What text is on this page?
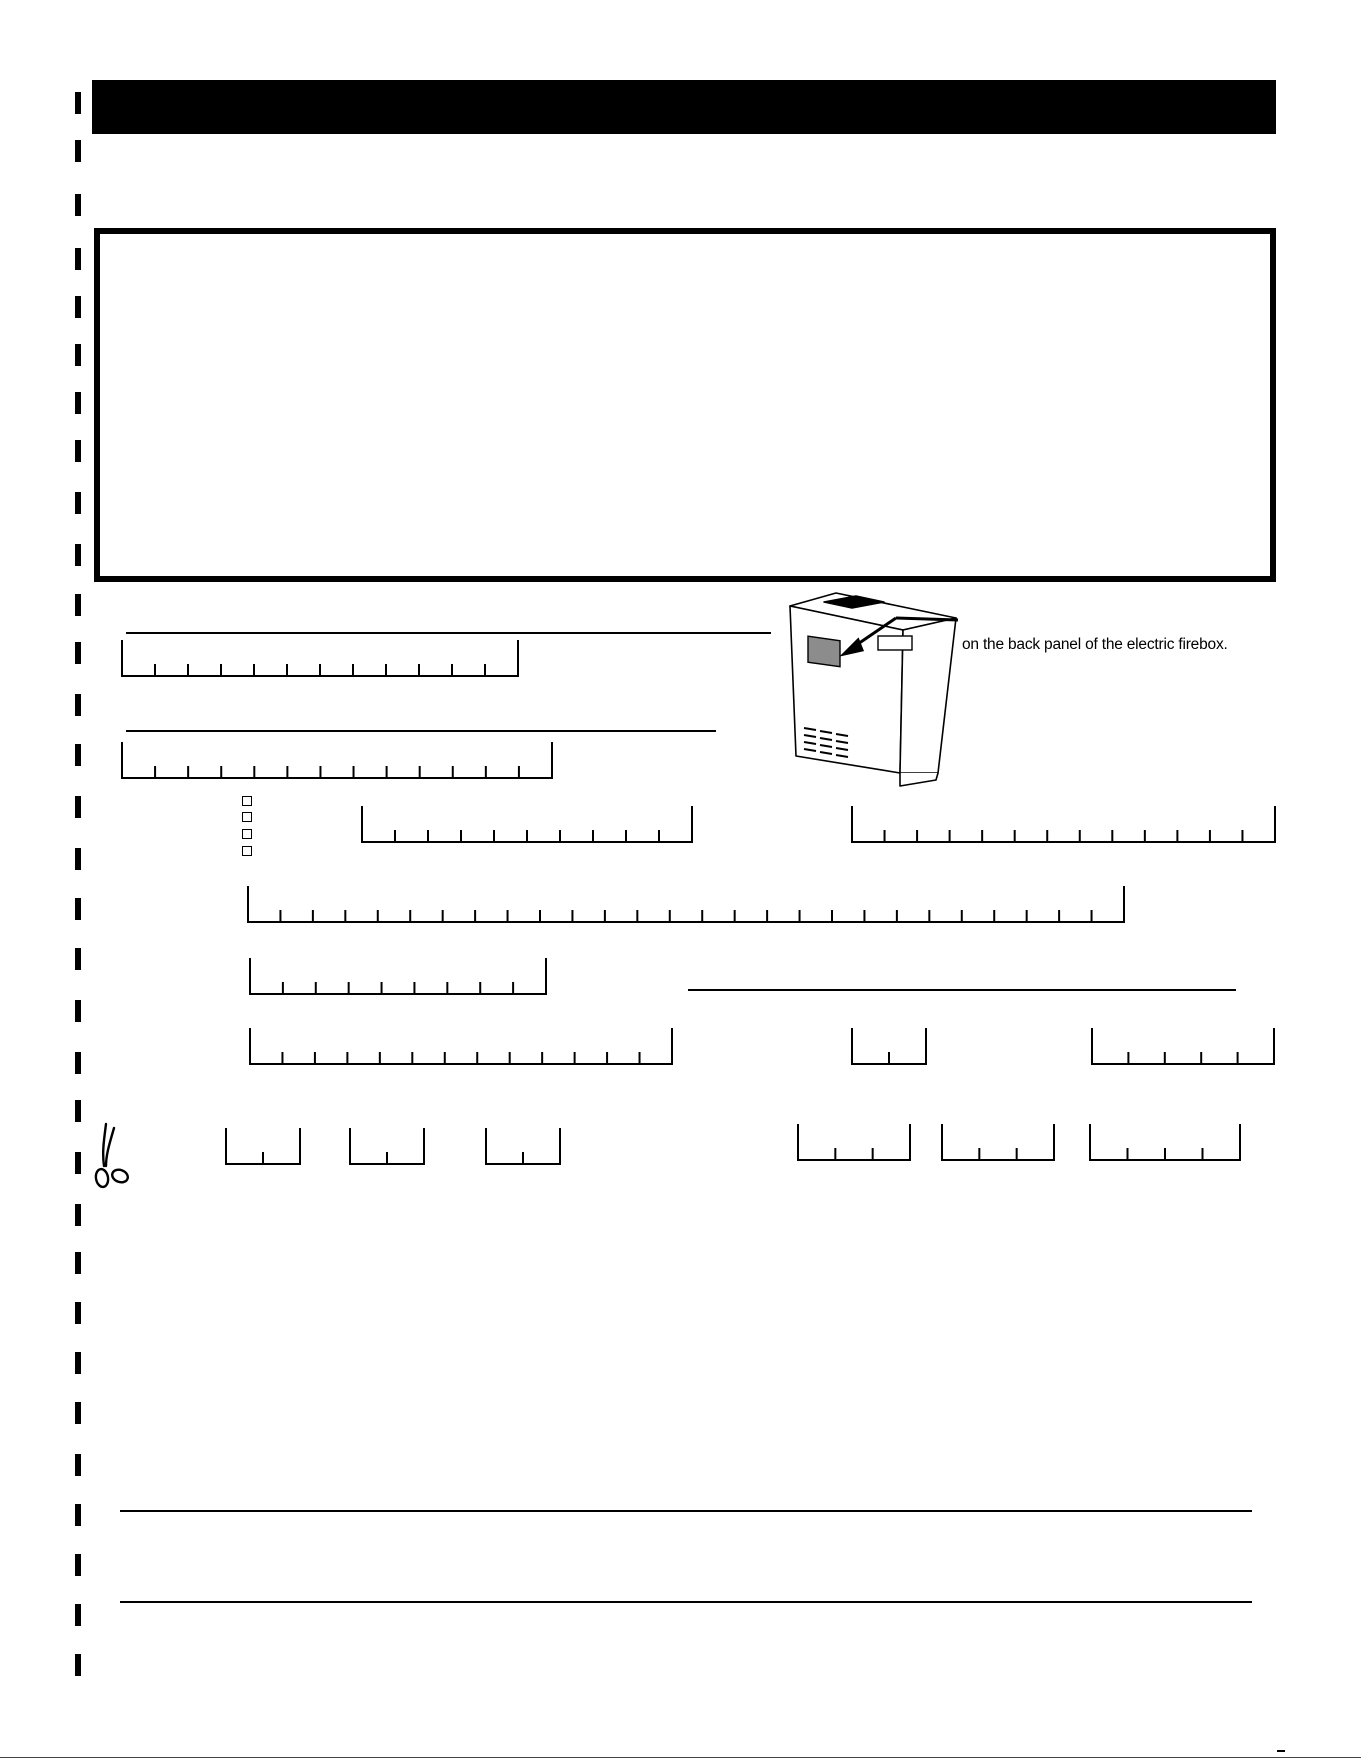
on the back panel of the electric firebox.
